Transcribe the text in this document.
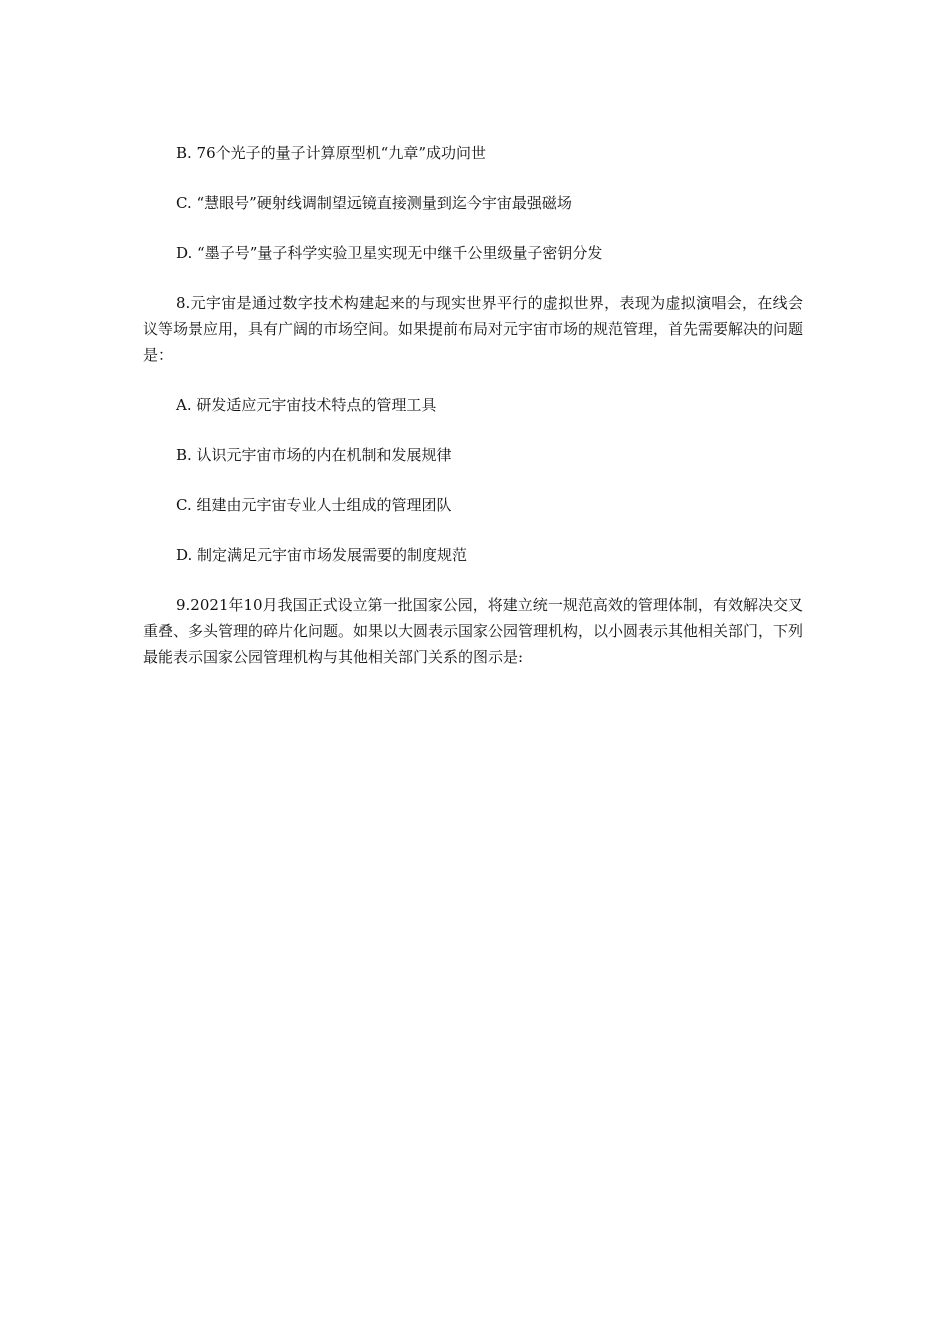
B. 76个光子的量子计算原型机“九章”成功问世

C. “慧眼号”硬射线调制望远镜直接测量到迄今宇宙最强磁场

D. “墨子号”量子科学实验卫星实现无中继千公里级量子密钥分发

8.元宇宙是通过数字技术构建起来的与现实世界平行的虚拟世界，表现为虚拟演唱会，在线会议等场景应用，具有广阔的市场空间。如果提前布局对元宇宙市场的规范管理，首先需要解决的问题是：

A. 研发适应元宇宙技术特点的管理工具

B. 认识元宇宙市场的内在机制和发展规律

C. 组建由元宇宙专业人士组成的管理团队

D. 制定满足元宇宙市场发展需要的制度规范

9.2021年10月我国正式设立第一批国家公园，将建立统一规范高效的管理体制，有效解决交叉重叠、多头管理的碎片化问题。如果以大圆表示国家公园管理机构，以小圆表示其他相关部门，下列最能表示国家公园管理机构与其他相关部门关系的图示是:
